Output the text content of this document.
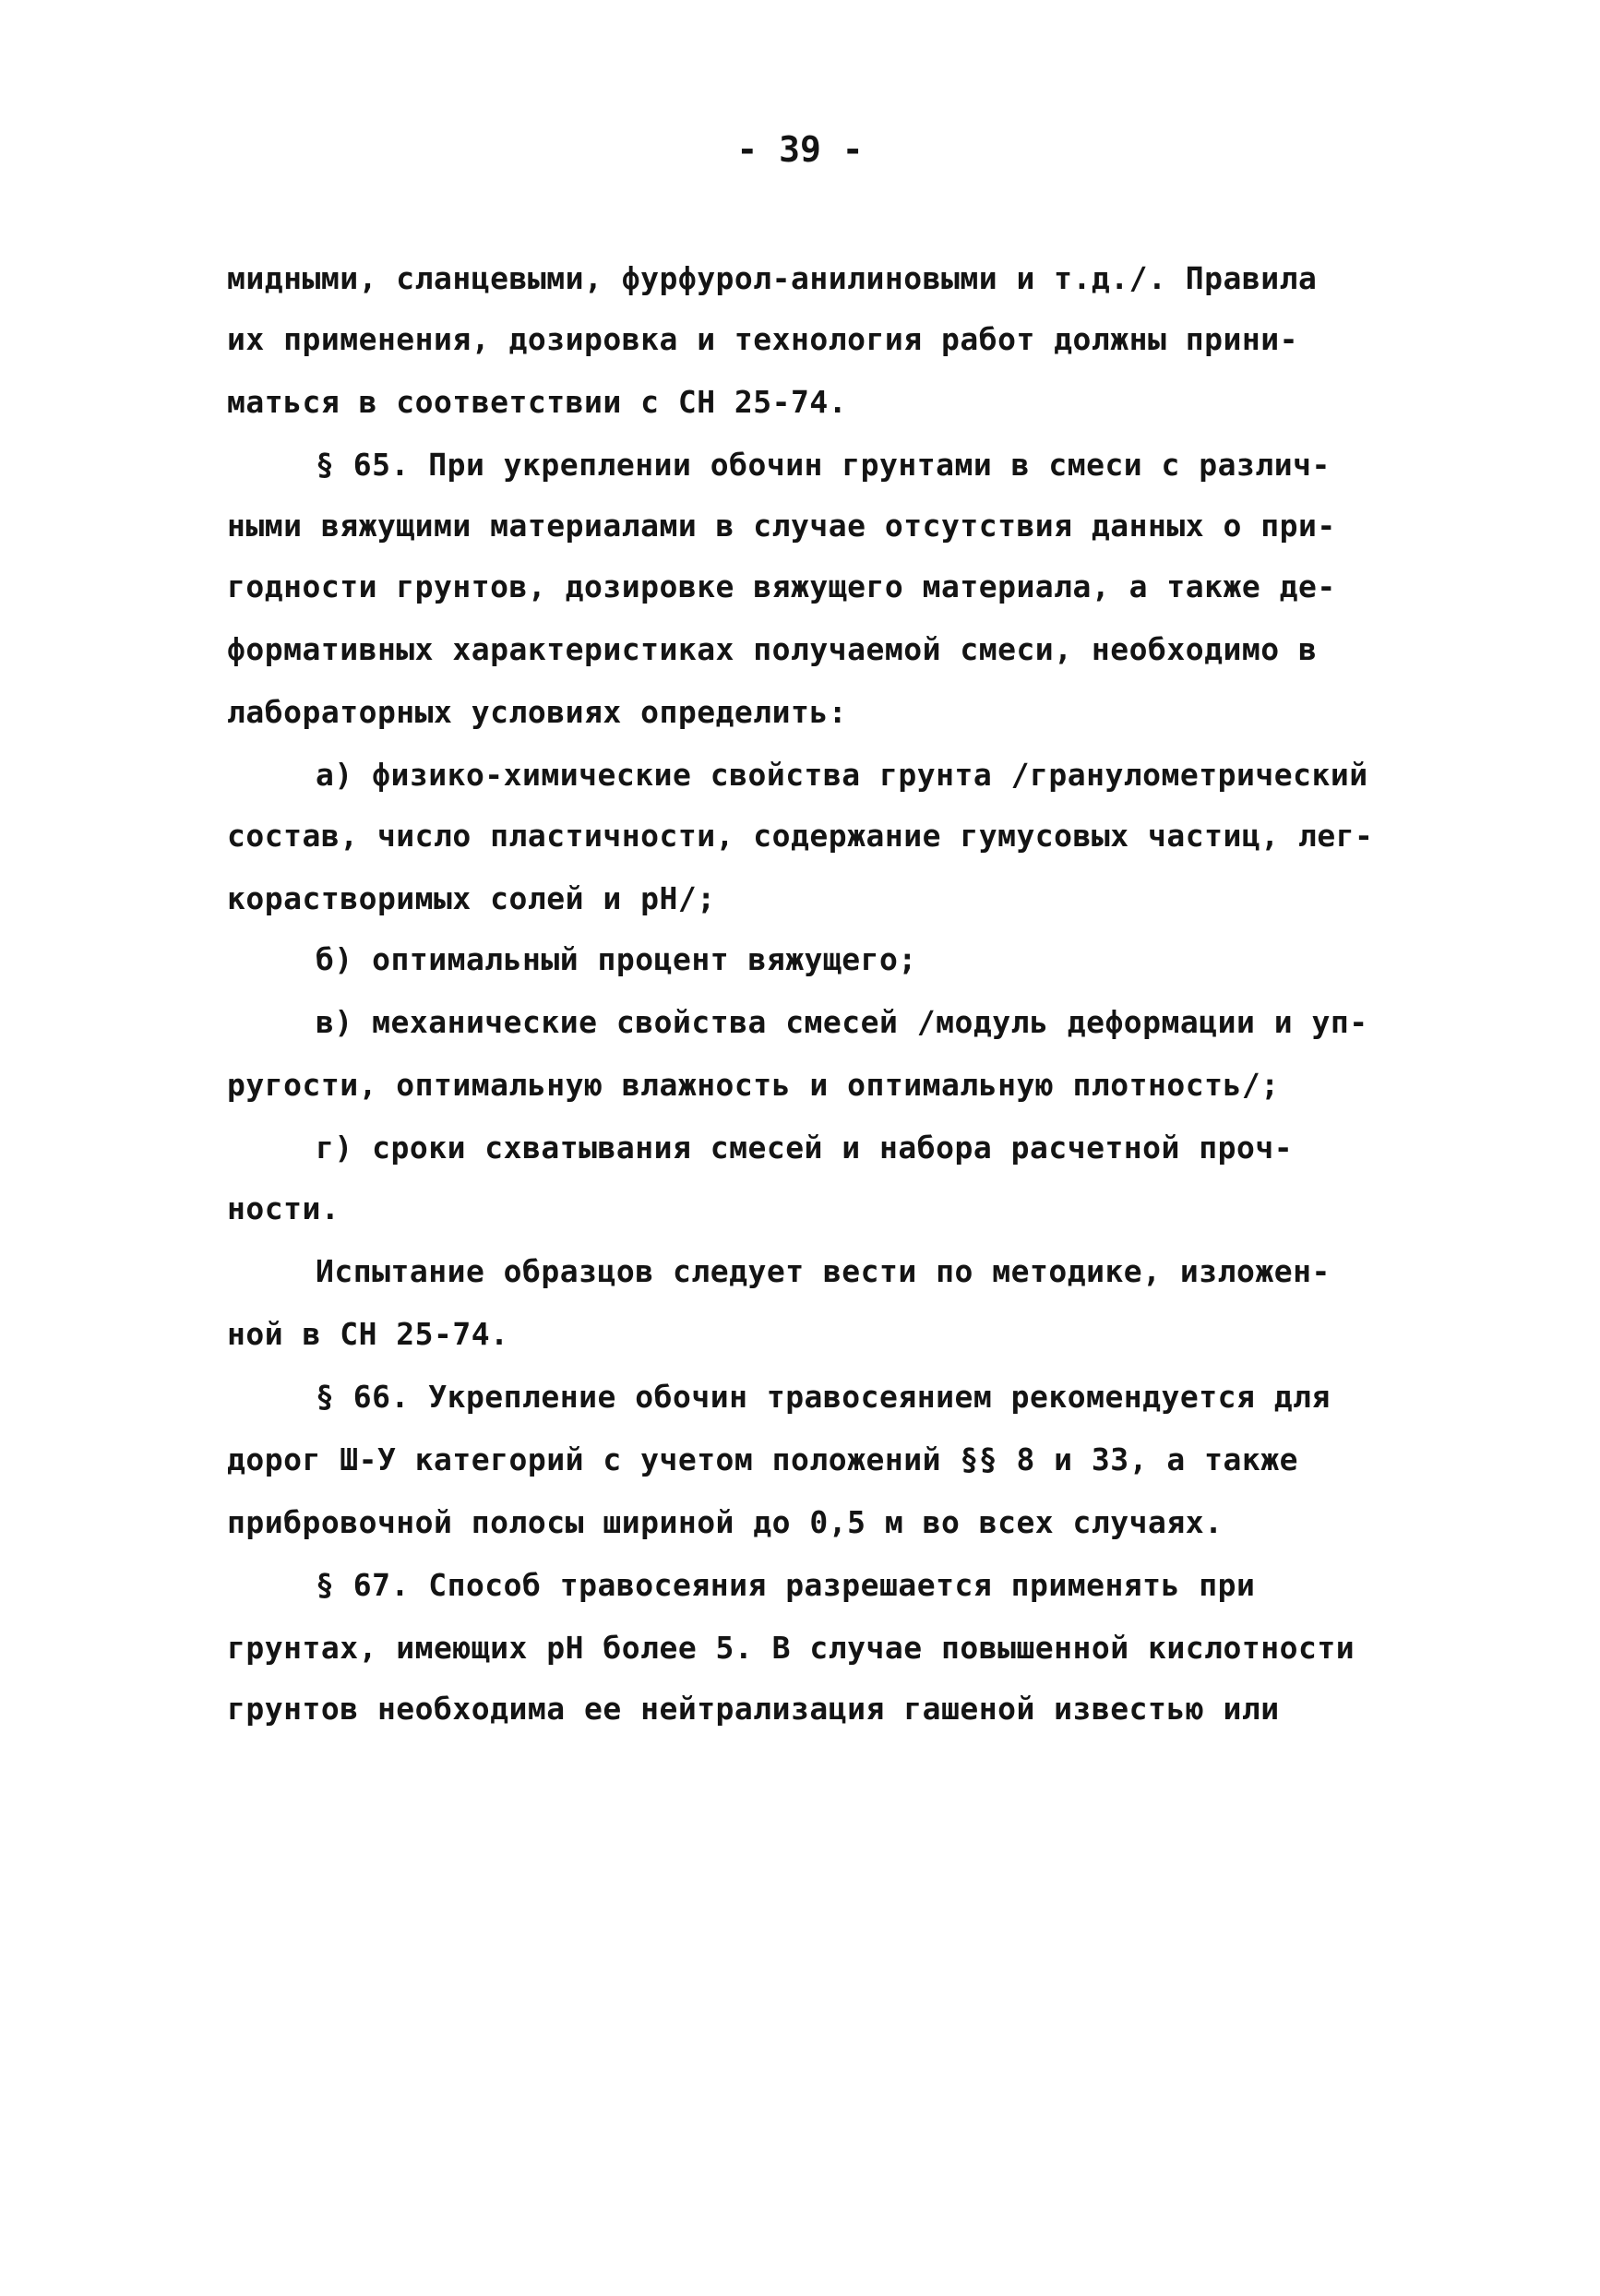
- 39 -
мидными, сланцевыми, фурфурол-анилиновыми и т.д./. Правила
их применения, дозировка и технология работ должны прини-
маться в соответствии с СН 25-74.
§ 65. При укреплении обочин грунтами в смеси с различ-
ными вяжущими материалами в случае отсутствия данных о при-
годности грунтов, дозировке вяжущего материала, а также де-
формативных характеристиках получаемой смеси, необходимо в
лабораторных условиях определить:
а) физико-химические свойства грунта /гранулометрический
состав, число пластичности, содержание гумусовых частиц, лег-
корастворимых солей и рН/;
б) оптимальный процент вяжущего;
в) механические свойства смесей /модуль деформации и уп-
ругости, оптимальную влажность и оптимальную плотность/;
г) сроки схватывания смесей и набора расчетной проч-
ности.
Испытание образцов следует вести по методике, изложен-
ной в СН 25-74.
§ 66. Укрепление обочин травосеянием рекомендуется для
дорог Ш-У категорий с учетом положений §§ 8 и 33, а также
прибровочной полосы шириной до 0,5 м во всех случаях.
§ 67. Способ травосеяния разрешается применять при
грунтах, имеющих рН более 5. В случае повышенной кислотности
грунтов необходима ее нейтрализация гашеной известью или
